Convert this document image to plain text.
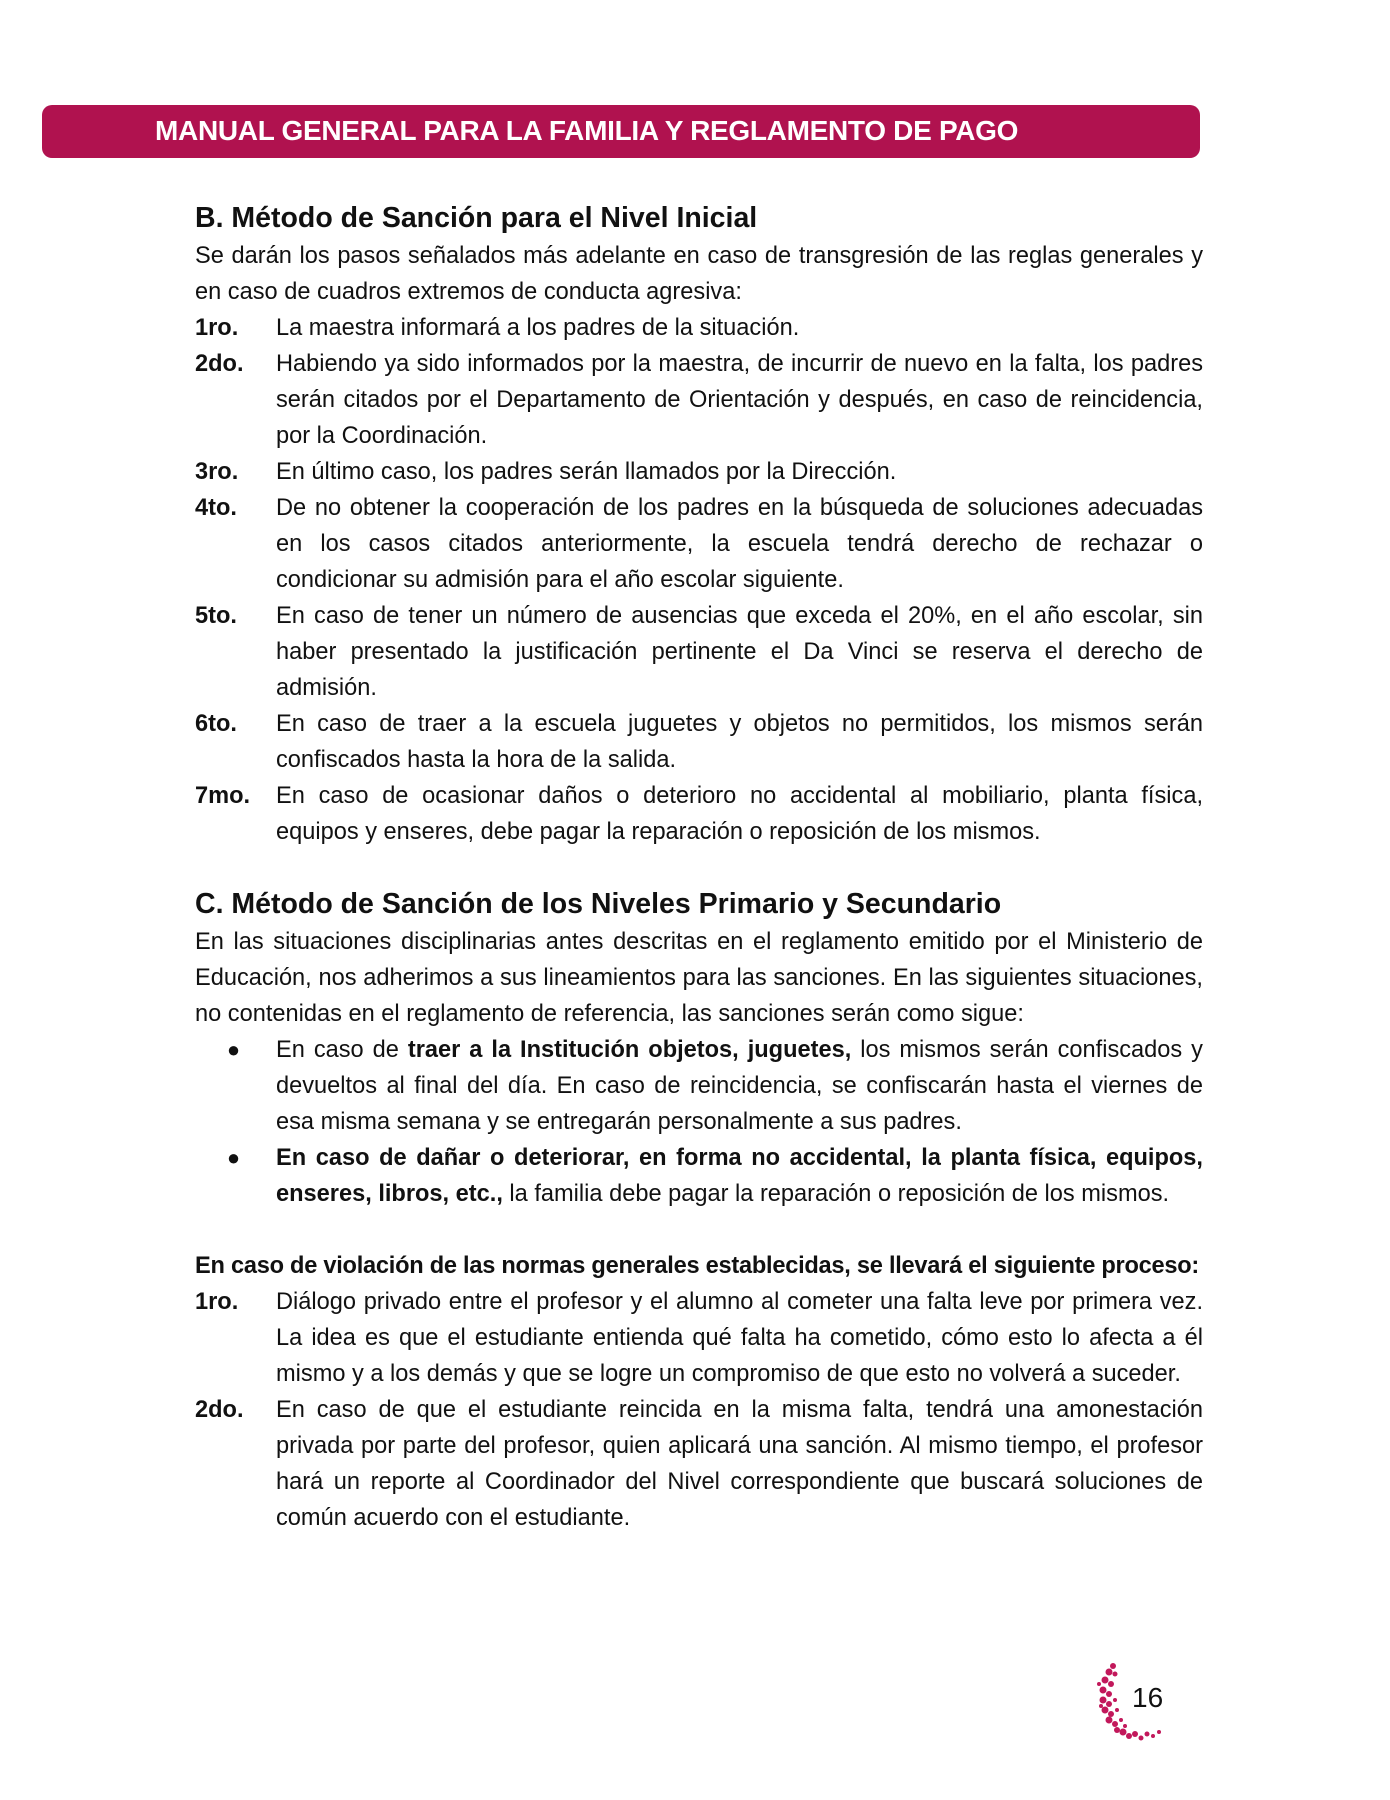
MANUAL GENERAL PARA LA FAMILIA Y REGLAMENTO DE PAGO
B. Método de Sanción para el Nivel Inicial

Se darán los pasos señalados más adelante en caso de transgresión de las reglas generales y en caso de cuadros extremos de conducta agresiva:

1ro.	La maestra informará a los padres de la situación.
2do.	Habiendo ya sido informados por la maestra, de incurrir de nuevo en la falta, los padres serán citados por el Departamento de Orientación y después, en caso de reincidencia, por la Coordinación.
3ro.	En último caso, los padres serán llamados por la Dirección.
4to.	De no obtener la cooperación de los padres en la búsqueda de soluciones adecuadas en los casos citados anteriormente, la escuela tendrá derecho de rechazar o condicionar su admisión para el año escolar siguiente.
5to.	En caso de tener un número de ausencias que exceda el 20%, en el año escolar, sin haber presentado la justificación pertinente el Da Vinci se reserva el derecho de admisión.
6to.	En caso de traer a la escuela juguetes y objetos no permitidos, los mismos serán confiscados hasta la hora de la salida.
7mo.	En caso de ocasionar daños o deterioro no accidental al mobiliario, planta física, equipos y enseres, debe pagar la reparación o reposición de los mismos.
C. Método de Sanción de los Niveles Primario y Secundario

En las situaciones disciplinarias antes descritas en el reglamento emitido por el Ministerio de Educación, nos adherimos a sus lineamientos para las sanciones. En las siguientes situaciones, no contenidas en el reglamento de referencia, las sanciones serán como sigue:

●	En caso de traer a la Institución objetos, juguetes, los mismos serán confiscados y devueltos al final del día. En caso de reincidencia, se confiscarán hasta el viernes de esa misma semana y se entregarán personalmente a sus padres.
●	En caso de dañar o deteriorar, en forma no accidental, la planta física, equipos, enseres, libros, etc., la familia debe pagar la reparación o reposición de los mismos.

En caso de violación de las normas generales establecidas, se llevará el siguiente proceso:

1ro.	Diálogo privado entre el profesor y el alumno al cometer una falta leve por primera vez. La idea es que el estudiante entienda qué falta ha cometido, cómo esto lo afecta a él mismo y a los demás y que se logre un compromiso de que esto no volverá a suceder.
2do.	En caso de que el estudiante reincida en la misma falta, tendrá una amonestación privada por parte del profesor, quien aplicará una sanción. Al mismo tiempo, el profesor hará un reporte al Coordinador del Nivel correspondiente que buscará soluciones de común acuerdo con el estudiante.
16
